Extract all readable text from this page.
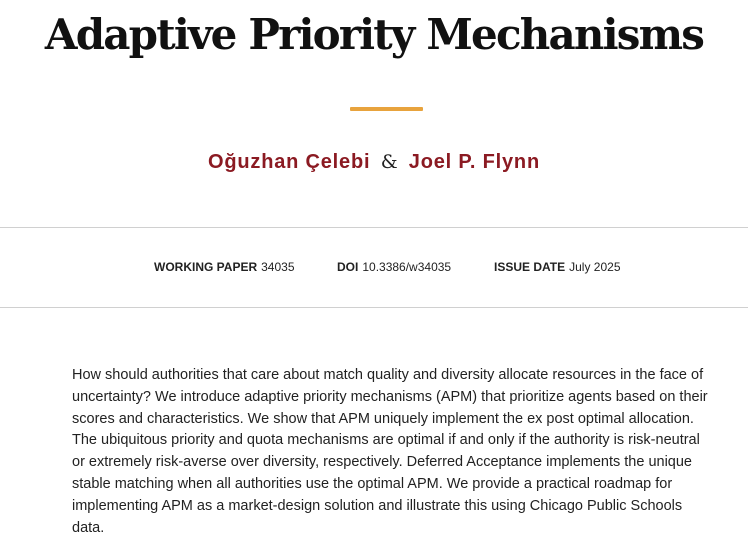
Adaptive Priority Mechanisms
Oğuzhan Çelebi & Joel P. Flynn
WORKING PAPER 34035	DOI 10.3386/w34035	ISSUE DATE July 2025

How should authorities that care about match quality and diversity allocate resources in the face of uncertainty? We introduce adaptive priority mechanisms (APM) that prioritize agents based on their scores and characteristics. We show that APM uniquely implement the ex post optimal allocation. The ubiquitous priority and quota mechanisms are optimal if and only if the authority is risk-neutral or extremely risk-averse over diversity, respectively. Deferred Acceptance implements the unique stable matching when all authorities use the optimal APM. We provide a practical roadmap for implementing APM as a market-design solution and illustrate this using Chicago Public Schools data.
